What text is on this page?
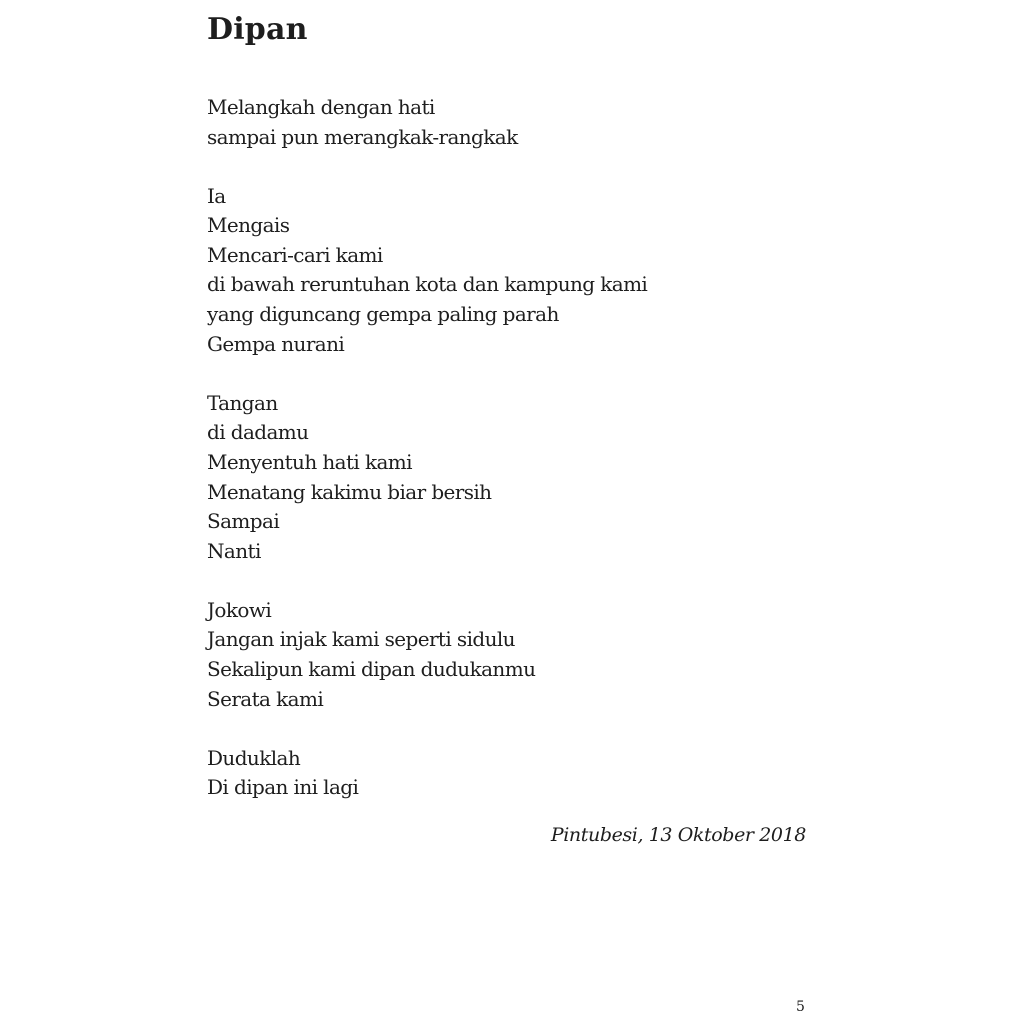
Dipan
Melangkah dengan hati
sampai pun merangkak-rangkak
Ia
Mengais
Mencari-cari kami
di bawah reruntuhan kota dan kampung kami
yang diguncang gempa paling parah
Gempa nurani
Tangan
di dadamu
Menyentuh hati kami
Menatang kakimu biar bersih
Sampai
Nanti
Jokowi
Jangan injak kami seperti sidulu
Sekalipun kami dipan dudukanmu
Serata kami
Duduklah
Di dipan ini lagi
Pintubesi, 13 Oktober 2018
5
